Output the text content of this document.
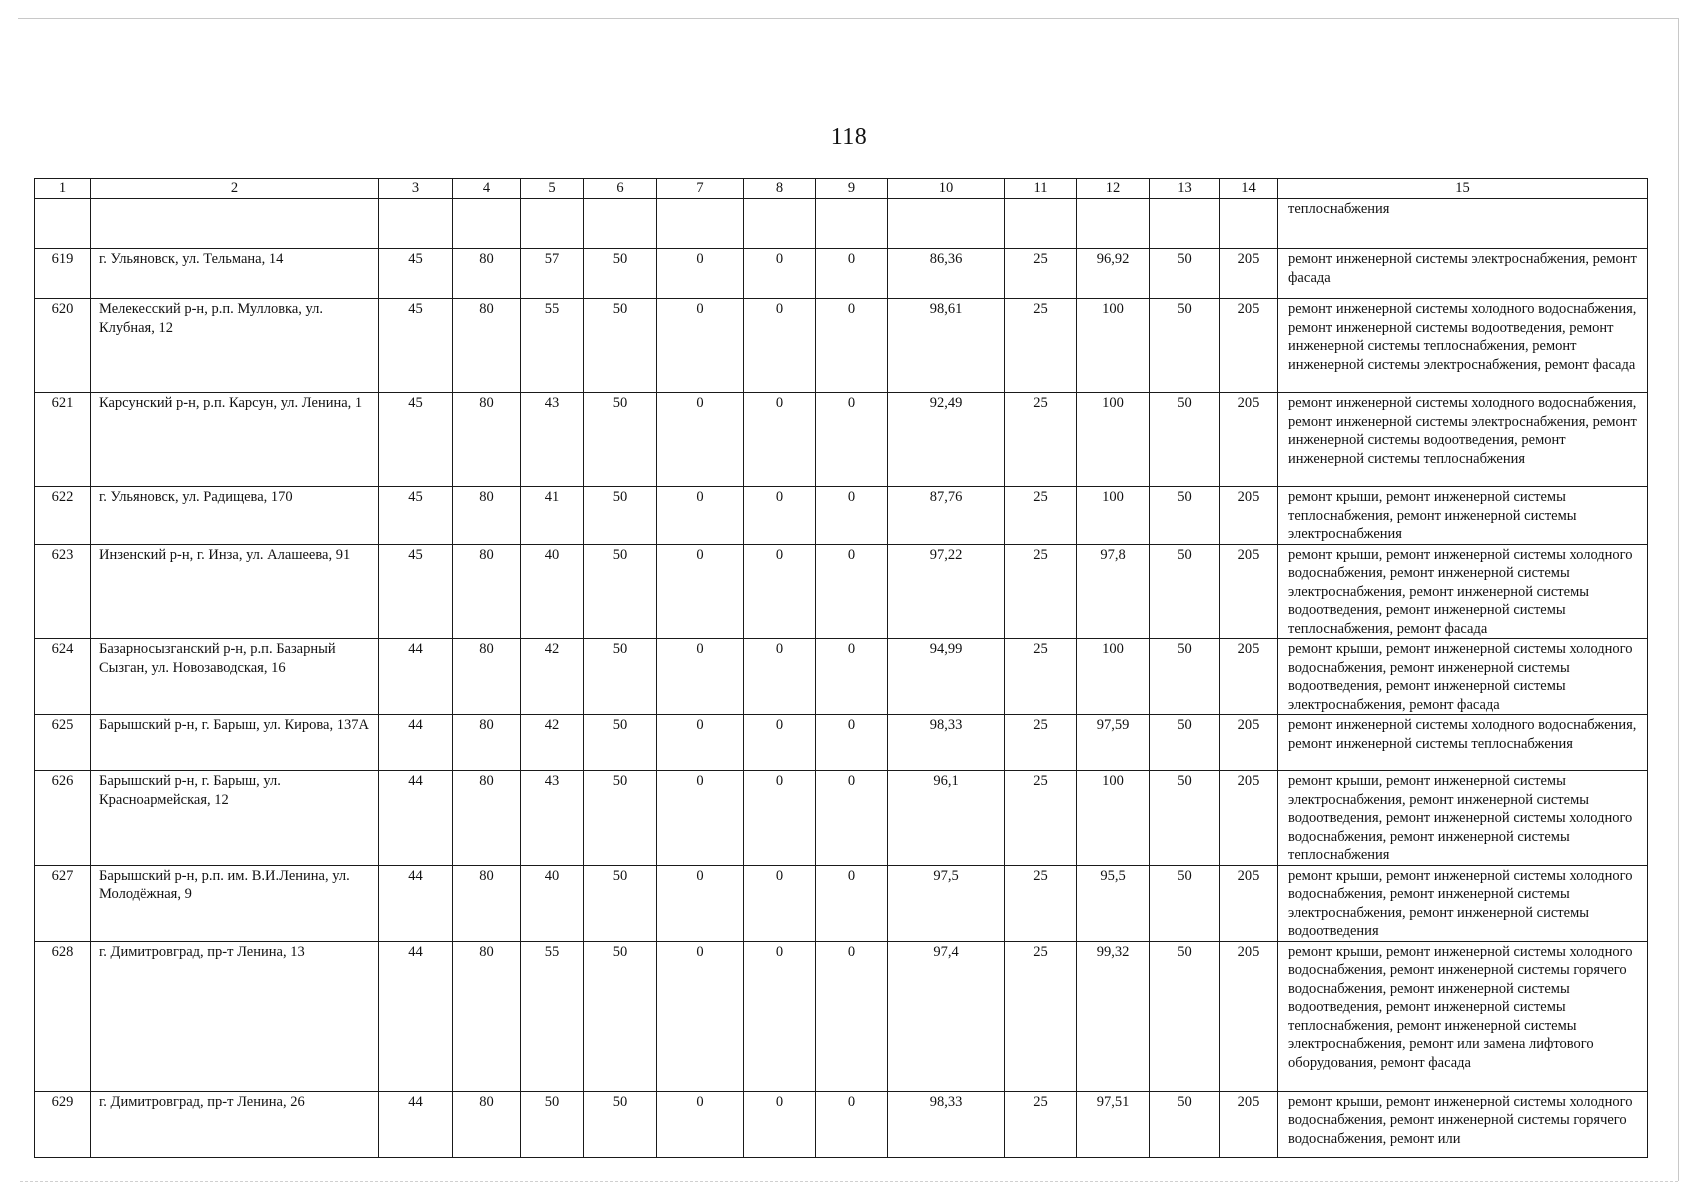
118
1	2	3	4	5	6	7	8	9	10	11	12	13	14	15
														теплоснабжения
619	г. Ульяновск, ул. Тельмана, 14	45	80	57	50	0	0	0	86,36	25	96,92	50	205	ремонт инженерной системы электроснабжения, ремонт фасада
620	Мелекесский р-н, р.п. Мулловка, ул. Клубная, 12	45	80	55	50	0	0	0	98,61	25	100	50	205	ремонт инженерной системы холодного водоснабжения, ремонт инженерной системы водоотведения, ремонт инженерной системы теплоснабжения, ремонт инженерной системы электроснабжения, ремонт фасада
621	Карсунский р-н, р.п. Карсун, ул. Ленина, 1	45	80	43	50	0	0	0	92,49	25	100	50	205	ремонт инженерной системы холодного водоснабжения, ремонт инженерной системы электроснабжения, ремонт инженерной системы водоотведения, ремонт инженерной системы теплоснабжения
622	г. Ульяновск, ул. Радищева, 170	45	80	41	50	0	0	0	87,76	25	100	50	205	ремонт крыши, ремонт инженерной системы теплоснабжения, ремонт инженерной системы электроснабжения
623	Инзенский р-н, г. Инза, ул. Алашеева, 91	45	80	40	50	0	0	0	97,22	25	97,8	50	205	ремонт крыши, ремонт инженерной системы холодного водоснабжения, ремонт инженерной системы электроснабжения, ремонт инженерной системы водоотведения, ремонт инженерной системы теплоснабжения, ремонт фасада
624	Базарносызганский р-н, р.п. Базарный Сызган, ул. Новозаводская, 16	44	80	42	50	0	0	0	94,99	25	100	50	205	ремонт крыши, ремонт инженерной системы холодного водоснабжения, ремонт инженерной системы водоотведения, ремонт инженерной системы электроснабжения, ремонт фасада
625	Барышский р-н, г. Барыш, ул. Кирова, 137А	44	80	42	50	0	0	0	98,33	25	97,59	50	205	ремонт инженерной системы холодного водоснабжения, ремонт инженерной системы теплоснабжения
626	Барышский р-н, г. Барыш, ул. Красноармейская, 12	44	80	43	50	0	0	0	96,1	25	100	50	205	ремонт крыши, ремонт инженерной системы электроснабжения, ремонт инженерной системы водоотведения, ремонт инженерной системы холодного водоснабжения, ремонт инженерной системы теплоснабжения
627	Барышский р-н, р.п. им. В.И.Ленина, ул. Молодёжная, 9	44	80	40	50	0	0	0	97,5	25	95,5	50	205	ремонт крыши, ремонт инженерной системы холодного водоснабжения, ремонт инженерной системы электроснабжения, ремонт инженерной системы водоотведения
628	г. Димитровград, пр-т Ленина, 13	44	80	55	50	0	0	0	97,4	25	99,32	50	205	ремонт крыши, ремонт инженерной системы холодного водоснабжения, ремонт инженерной системы горячего водоснабжения, ремонт инженерной системы водоотведения, ремонт инженерной системы теплоснабжения, ремонт инженерной системы электроснабжения, ремонт или замена лифтового оборудования, ремонт фасада
629	г. Димитровград, пр-т Ленина, 26	44	80	50	50	0	0	0	98,33	25	97,51	50	205	ремонт крыши, ремонт инженерной системы холодного водоснабжения, ремонт инженерной системы горячего водоснабжения, ремонт или
